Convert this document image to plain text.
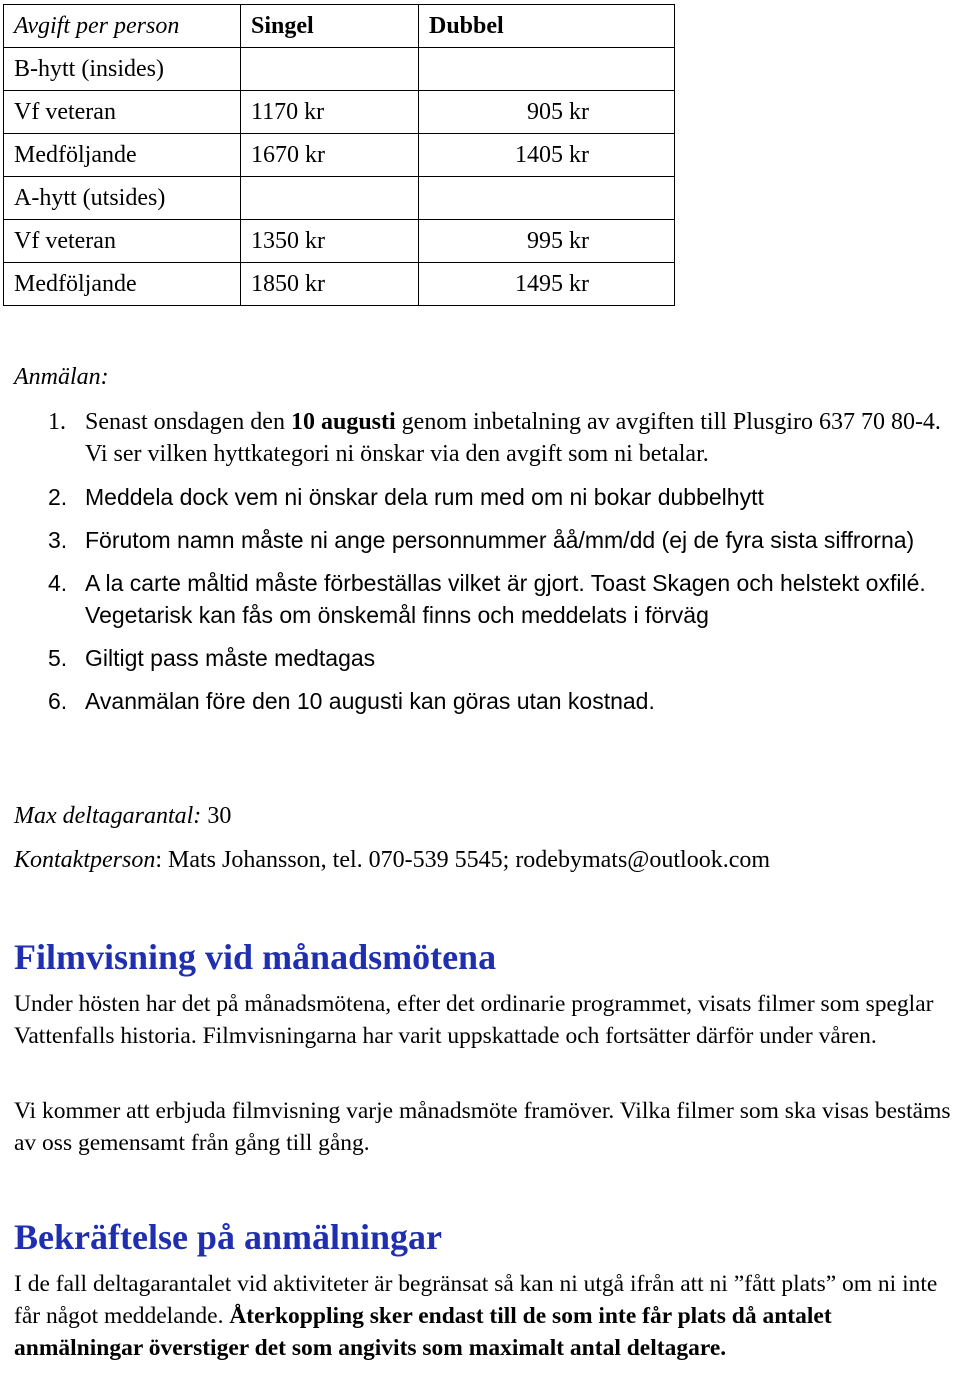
Avgift per person	Singel	Dubbel
B-hytt (insides)		
Vf veteran	1170 kr	905 kr
Medföljande	1670 kr	1405 kr
A-hytt (utsides)		
Vf veteran	1350 kr	995 kr
Medföljande	1850 kr	1495 kr
Anmälan:
1. Senast onsdagen den 10 augusti genom inbetalning av avgiften till Plusgiro 637 70 80-4. Vi ser vilken hyttkategori ni önskar via den avgift som ni betalar.
2. Meddela dock vem ni önskar dela rum med om ni bokar dubbelhytt
3. Förutom namn måste ni ange personnummer åå/mm/dd (ej de fyra sista siffrorna)
4. A la carte måltid måste förbeställas vilket är gjort. Toast Skagen och helstekt oxfilé. Vegetarisk kan fås om önskemål finns och meddelats i förväg
5. Giltigt pass måste medtagas
6. Avanmälan före den 10 augusti kan göras utan kostnad.
Max deltagarantal: 30
Kontaktperson: Mats Johansson, tel. 070-539 5545; rodebymats@outlook.com
Filmvisning vid månadsmötena

Under hösten har det på månadsmötena, efter det ordinarie programmet, visats filmer som speglar Vattenfalls historia. Filmvisningarna har varit uppskattade och fortsätter därför under våren.

Vi kommer att erbjuda filmvisning varje månadsmöte framöver. Vilka filmer som ska visas bestäms av oss gemensamt från gång till gång.

Bekräftelse på anmälningar

I de fall deltagarantalet vid aktiviteter är begränsat så kan ni utgå ifrån att ni ”fått plats” om ni inte får något meddelande. Återkoppling sker endast till de som inte får plats då antalet anmälningar överstiger det som angivits som maximalt antal deltagare.
